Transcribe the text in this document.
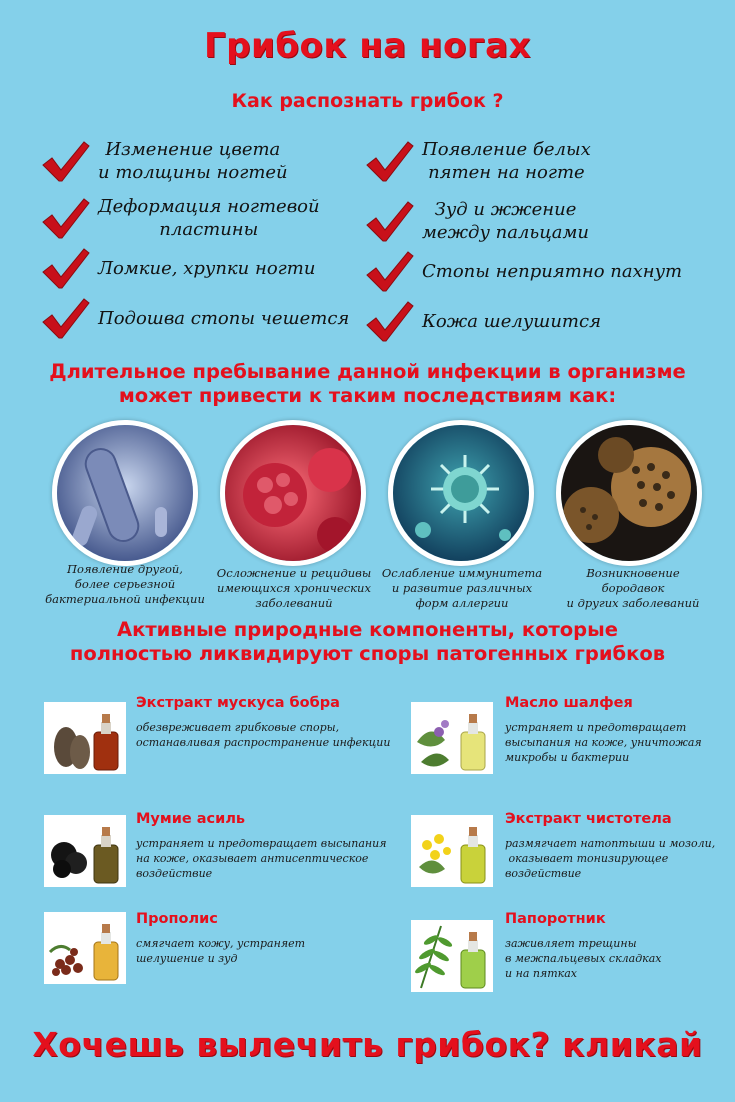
Грибок на ногах
Как распознать грибок ?
Изменение цвета
и толщины ногтей
Деформация ногтевой
пластины
Ломкие, хрупки ногти
Подошва стопы чешется
Появление белых
пятен на ногте
Зуд и жжение
между пальцами
Стопы неприятно пахнут
Кожа шелушится
Длительное пребывание данной инфекции в организме
может привести к таким последствиям как:
Появление другой,
более серьезной
бактериальной инфекции
Осложнение и рецидивы
имеющихся хронических
заболеваний
Ослабление иммунитета
и развитие различных
форм аллергии
Возникновение
бородавок
и других заболеваний
Активные природные компоненты, которые
полностью ликвидируют споры патогенных грибков
Экстракт мускуса бобра
обезвреживает грибковые споры,
останавливая распространение инфекции
Масло шалфея
устраняет и предотвращает
высыпания на коже, уничтожая
микробы и бактерии
Мумие асиль
устраняет и предотвращает высыпания
на коже, оказывает антисептическое
воздействие
Экстракт чистотела
размягчает натоптыши и мозоли,
оказывает тонизирующее
воздействие
Прополис
смягчает кожу, устраняет
шелушение и зуд
Папоротник
заживляет трещины
в межпальцевых складках
и на пятках
Хочешь вылечить грибок? кликай
